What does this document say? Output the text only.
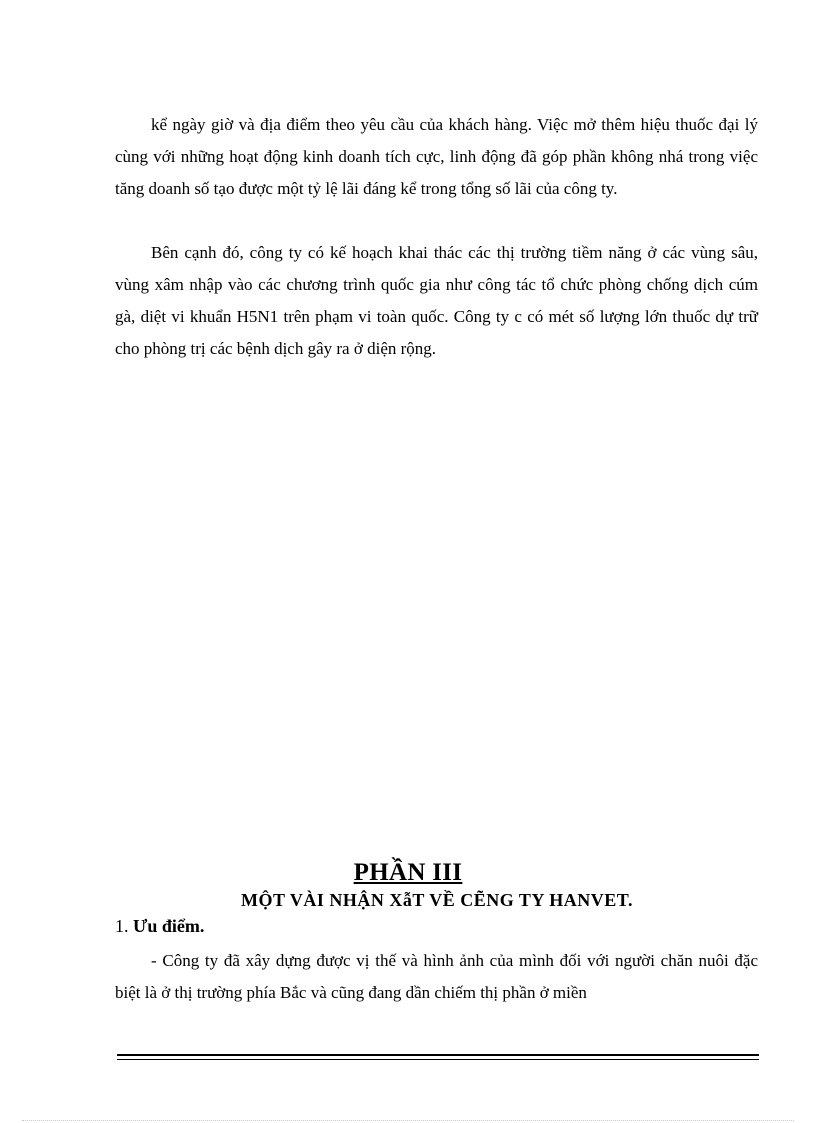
kể ngày giờ và địa điểm theo yêu cầu của khách hàng. Việc mở thêm hiệu thuốc đại lý cùng với những hoạt động kinh doanh tích cực, linh động đã góp phần không nhá trong việc tăng doanh số tạo được một tỷ lệ lãi đáng kể trong tổng số lãi của công ty.

Bên cạnh đó, công ty có kế hoạch khai thác các thị trường tiềm năng ở các vùng sâu, vùng xâm nhập vào các chương trình quốc gia như công tác tổ chức phòng chống dịch cúm gà, diệt vi khuẩn H5N1 trên phạm vi toàn quốc. Công ty c có mét số lượng lớn thuốc dự trữ cho phòng trị các bệnh dịch gây ra ở diện rộng.

PHẦN III
MỘT VÀI NHẬN XẫT VỀ CẼNG TY HANVET.
1. Ưu điểm.

- Công ty đã xây dựng được vị thế và hình ảnh của mình đối với người chăn nuôi đặc biệt là ở thị trường phía Bắc và cũng đang dần chiếm thị phần ở miền
